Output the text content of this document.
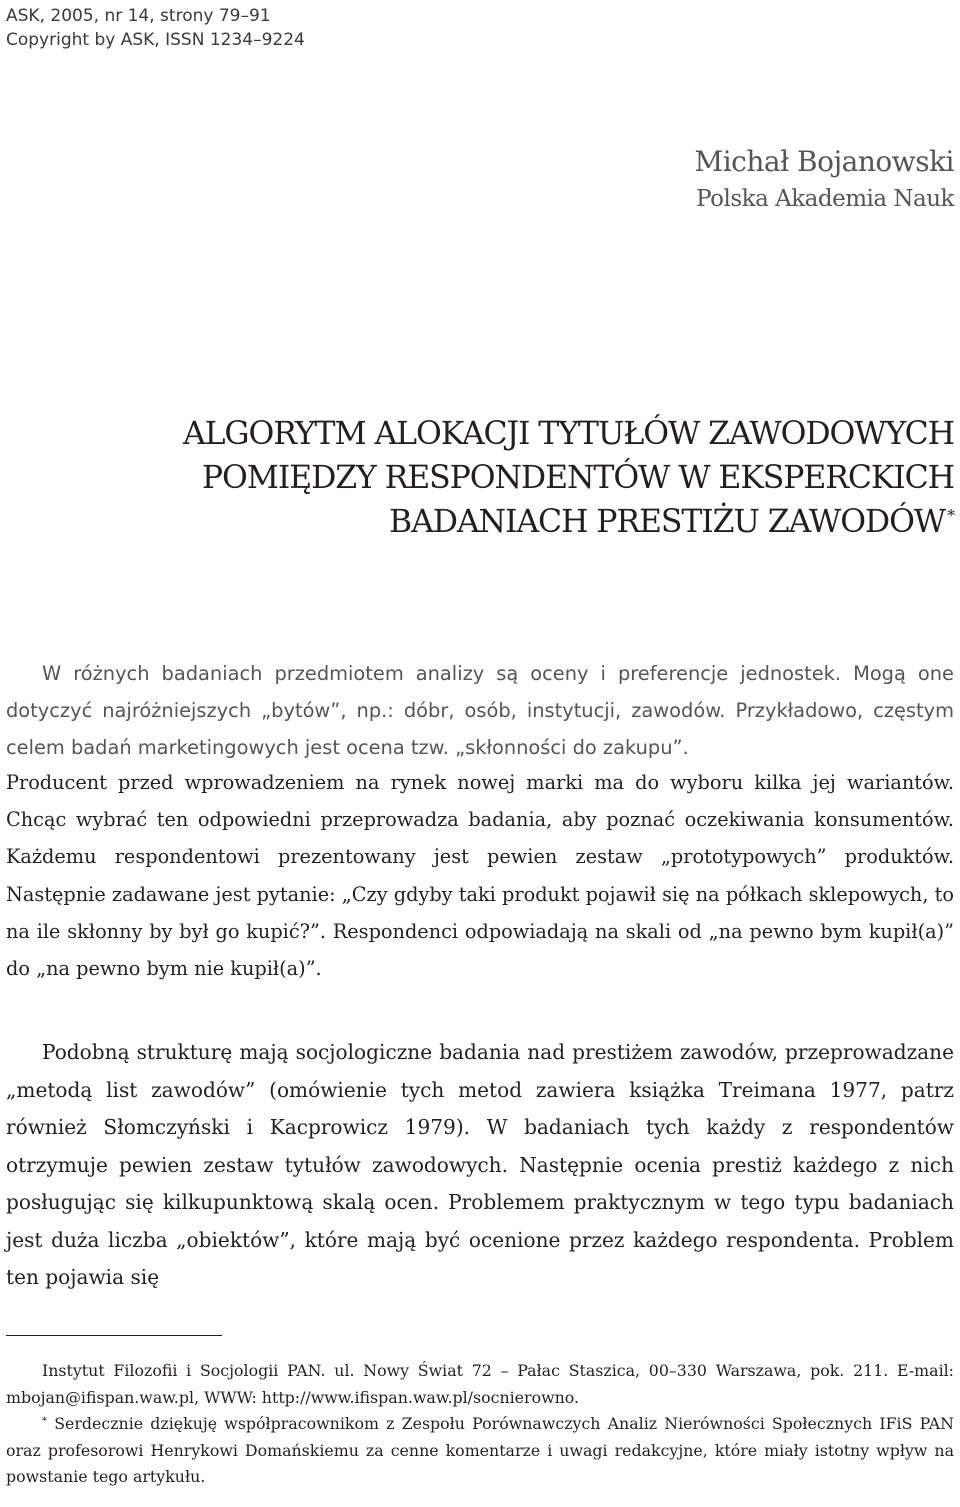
ASK, 2005, nr 14, strony 79–91
Copyright by ASK, ISSN 1234–9224
Michał Bojanowski
Polska Akademia Nauk
ALGORYTM ALOKACJI TYTUŁÓW ZAWODOWYCH
POMIĘDZY RESPONDENTÓW W EKSPERCKICH
BADANIACH PRESTIŻU ZAWODÓW *

W różnych badaniach przedmiotem analizy są oceny i preferencje jednostek. Mogą one dotyczyć najróżniejszych „bytów”, np.: dóbr, osób, instytucji, zawodów. Przykładowo, częstym celem badań marketingowych jest ocena tzw. „skłonności do zakupu”.

Producent przed wprowadzeniem na rynek nowej marki ma do wyboru kilka jej wariantów. Chcąc wybrać ten odpowiedni przeprowadza badania, aby poznać oczekiwania konsumentów. Każdemu respondentowi prezentowany jest pewien zestaw „prototypowych” produktów. Następnie zadawane jest pytanie: „Czy gdyby taki produkt pojawił się na półkach sklepowych, to na ile skłonny by był go kupić?”. Respondenci odpowiadają na skali od „na pewno bym kupił(a)” do „na pewno bym nie kupił(a)”.

Podobną strukturę mają socjologiczne badania nad prestiżem zawodów, przeprowadzane „metodą list zawodów” (omówienie tych metod zawiera książka Treimana 1977, patrz również Słomczyński i Kacprowicz 1979). W badaniach tych każdy z respondentów otrzymuje pewien zestaw tytułów zawodowych. Następnie ocenia prestiż każdego z nich posługując się kilkupunktową skalą ocen. Problemem praktycznym w tego typu badaniach jest duża liczba „obiektów”, które mają być ocenione przez każdego respondenta. Problem ten pojawia się

Instytut Filozofii i Socjologii PAN. ul. Nowy Świat 72 – Pałac Staszica, 00–330 Warszawa, pok. 211. E-mail: mbojan@ifispan.waw.pl, WWW: http://www.ifispan.waw.pl/socnierowno.

* Serdecznie dziękuję współpracownikom z Zespołu Porównawczych Analiz Nierówności Społecznych IFiS PAN oraz profesorowi Henrykowi Domańskiemu za cenne komentarze i uwagi redakcyjne, które miały istotny wpływ na powstanie tego artykułu.
